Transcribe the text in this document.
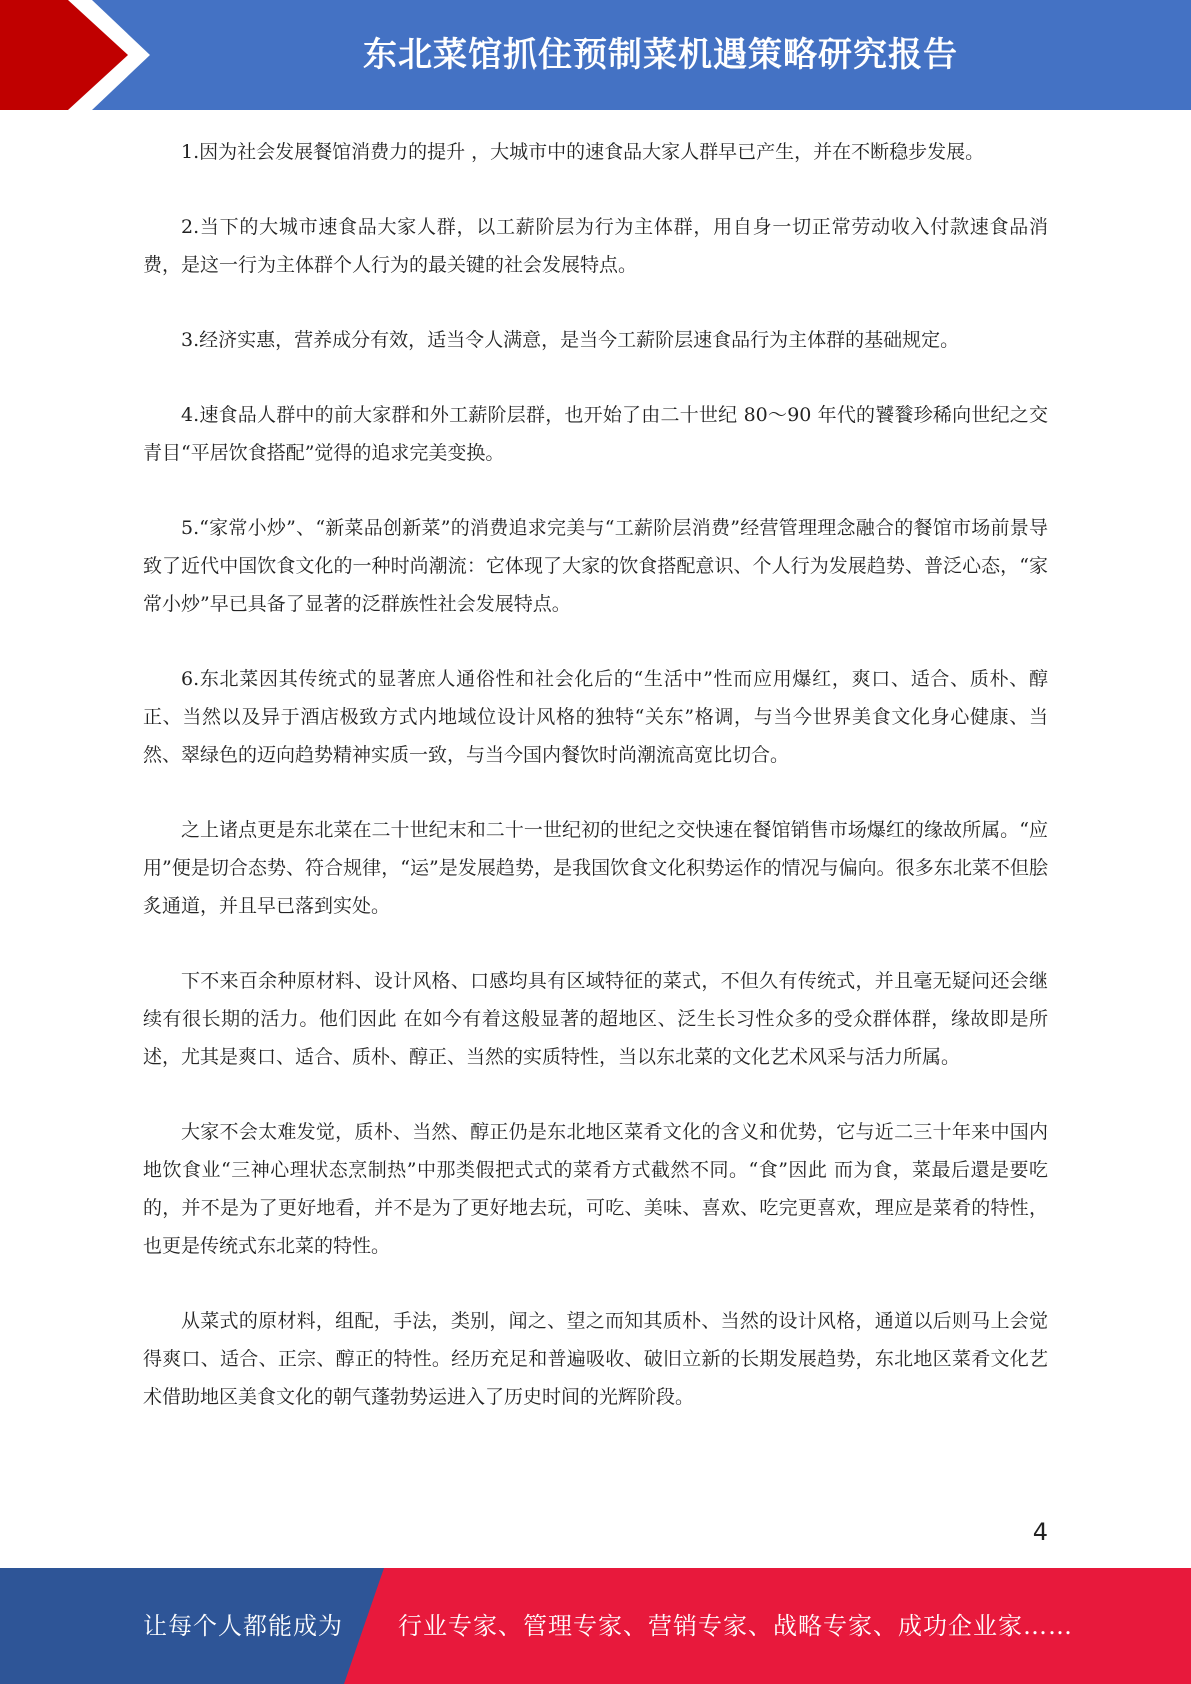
东北菜馆抓住预制菜机遇策略研究报告

1.因为社会发展餐馆消费力的提升 ，大城市中的速食品大家人群早已产生，并在不断稳步发展。

2.当下的大城市速食品大家人群，以工薪阶层为行为主体群，用自身一切正常劳动收入付款速食品消费，是这一行为主体群个人行为的最关键的社会发展特点。

3.经济实惠，营养成分有效，适当令人满意，是当今工薪阶层速食品行为主体群的基础规定。

4.速食品人群中的前大家群和外工薪阶层群，也开始了由二十世纪 80～90 年代的饕餮珍稀向世纪之交青目“平居饮食搭配”觉得的追求完美变换。

5.“家常小炒”、“新菜品创新菜”的消费追求完美与“工薪阶层消费”经营管理理念融合的餐馆市场前景导致了近代中国饮食文化的一种时尚潮流：它体现了大家的饮食搭配意识、个人行为发展趋势、普泛心态，“家常小炒”早已具备了显著的泛群族性社会发展特点。

6.东北菜因其传统式的显著庶人通俗性和社会化后的“生活中”性而应用爆红，爽口、适合、质朴、醇正、当然以及异于酒店极致方式内地域位设计风格的独特“关东”格调，与当今世界美食文化身心健康、当然、翠绿色的迈向趋势精神实质一致，与当今国内餐饮时尚潮流高宽比切合。

之上诸点更是东北菜在二十世纪末和二十一世纪初的世纪之交快速在餐馆销售市场爆红的缘故所属。“应用”便是切合态势、符合规律，“运”是发展趋势，是我国饮食文化积势运作的情况与偏向。很多东北菜不但脍炙通道，并且早已落到实处。

下不来百余种原材料、设计风格、口感均具有区域特征的菜式，不但久有传统式，并且毫无疑问还会继续有很长期的活力。他们因此 在如今有着这般显著的超地区、泛生长习性众多的受众群体群，缘故即是所述，尤其是爽口、适合、质朴、醇正、当然的实质特性，当以东北菜的文化艺术风采与活力所属。

大家不会太难发觉，质朴、当然、醇正仍是东北地区菜肴文化的含义和优势，它与近二三十年来中国内地饮食业“三神心理状态烹制热”中那类假把式式的菜肴方式截然不同。“食”因此 而为食，菜最后還是要吃的，并不是为了更好地看，并不是为了更好地去玩，可吃、美味、喜欢、吃完更喜欢，理应是菜肴的特性，也更是传统式东北菜的特性。

从菜式的原材料，组配，手法，类别，闻之、望之而知其质朴、当然的设计风格，通道以后则马上会觉得爽口、适合、正宗、醇正的特性。经历充足和普遍吸收、破旧立新的长期发展趋势，东北地区菜肴文化艺术借助地区美食文化的朝气蓬勃势运进入了历史时间的光辉阶段。

4
让每个人都能成为 行业专家、管理专家、营销专家、战略专家、成功企业家……
